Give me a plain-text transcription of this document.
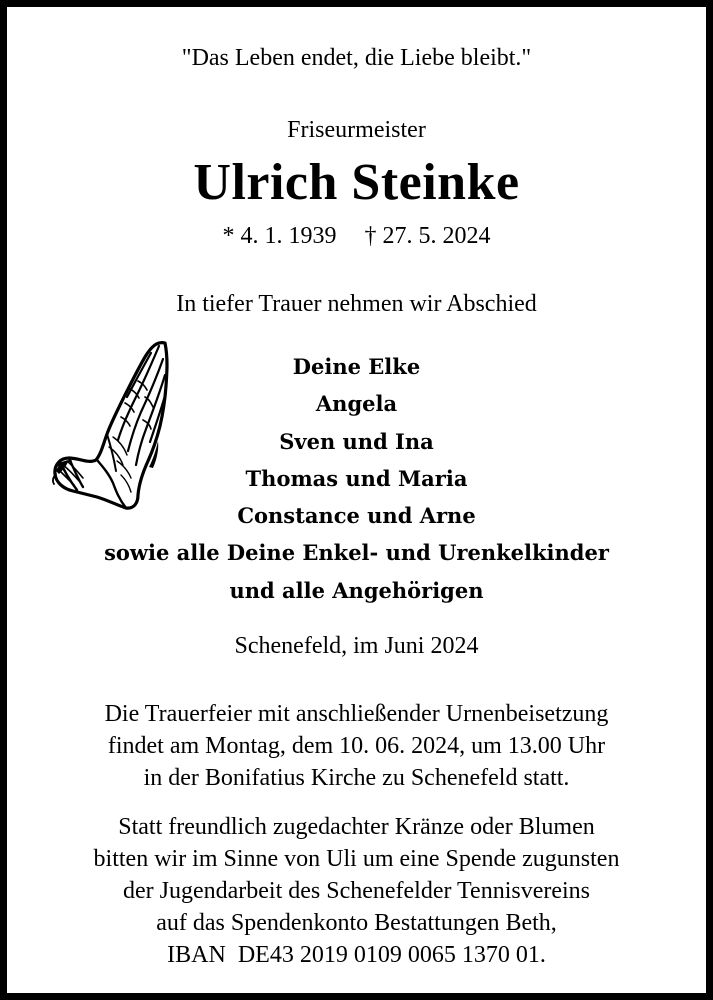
"Das Leben endet, die Liebe bleibt."

Friseurmeister

Ulrich Steinke

* 4. 1. 1939 † 27. 5. 2024

In tiefer Trauer nehmen wir Abschied

Deine Elke
Angela
Sven und Ina
Thomas und Maria
Constance und Arne
sowie alle Deine Enkel- und Urenkelkinder
und alle Angehörigen

Schenefeld, im Juni 2024

Die Trauerfeier mit anschließender Urnenbeisetzung
findet am Montag, dem 10. 06. 2024, um 13.00 Uhr
in der Bonifatius Kirche zu Schenefeld statt.
Statt freundlich zugedachter Kränze oder Blumen
bitten wir im Sinne von Uli um eine Spende zugunsten
der Jugendarbeit des Schenefelder Tennisvereins
auf das Spendenkonto Bestattungen Beth,
IBAN  DE43 2019 0109 0065 1370 01.
